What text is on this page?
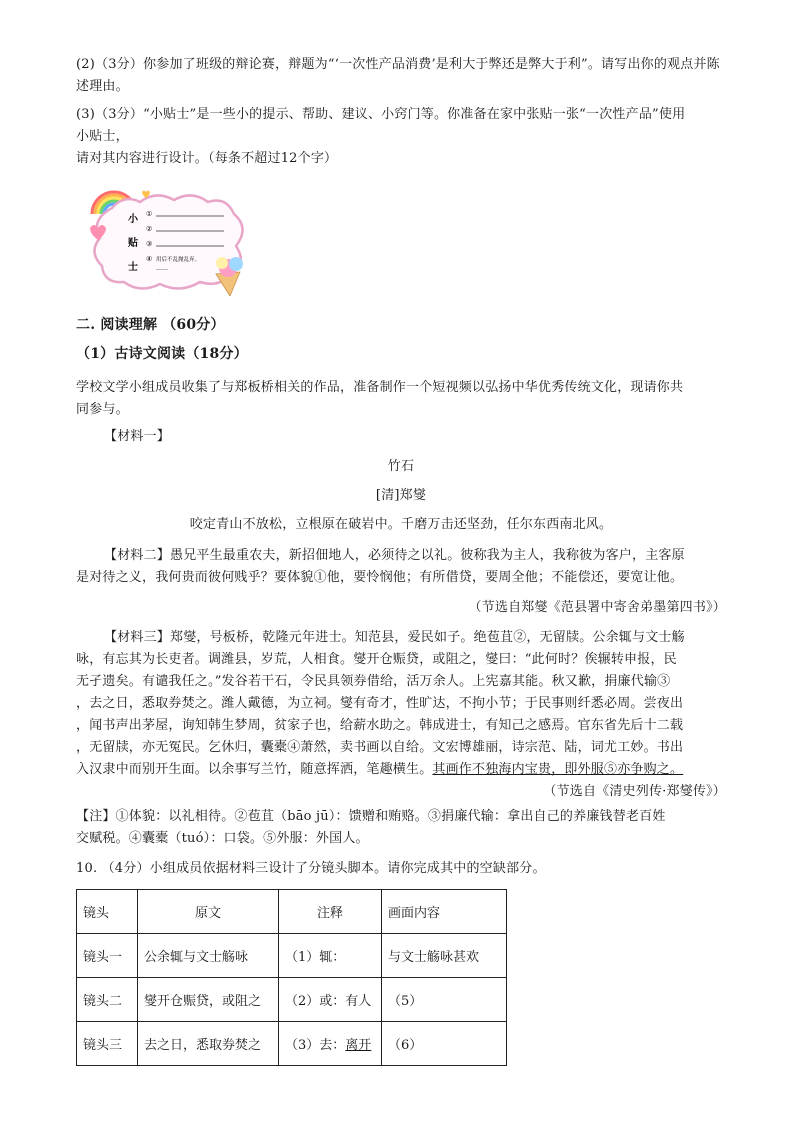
(2)（3分）你参加了班级的辩论赛，辩题为“‘一次性产品消费’是利大于弊还是弊大于利”。请写出你的观点并陈
述理由。
(3)（3分）“小贴士”是一些小的提示、帮助、建议、小窍门等。你准备在家中张贴一张“一次性产品”使用
小贴士，
请对其内容进行设计。（每条不超过12个字）
小
贴
士
①
②
③
④ 用后不乱抛乱弃。
……
二. 阅读理解 （60分）
（1）古诗文阅读（18分）
学校文学小组成员收集了与郑板桥相关的作品，准备制作一个短视频以弘扬中华优秀传统文化，现请你共
同参与。
【材料一】
竹石
[清]郑燮
咬定青山不放松，立根原在破岩中。千磨万击还坚劲，任尔东西南北风。
【材料二】愚兄平生最重农夫，新招佃地人，必须待之以礼。彼称我为主人，我称彼为客户，主客原
是对待之义，我何贵而彼何贱乎？要体貌①他，要怜悯他；有所借贷，要周全他；不能偿还，要宽让他。
（节选自郑燮《范县署中寄舍弟墨第四书》）
【材料三】郑燮，号板桥，乾隆元年进士。知范县，爱民如子。绝苞苴②，无留牍。公余辄与文士觞
咏，有忘其为长吏者。调潍县，岁荒，人相食。燮开仓赈贷，或阻之，燮曰：“此何时？俟辗转申报，民
无孑遗矣。有谴我任之。”发谷若干石，令民具领券借给，活万余人。上宪嘉其能。秋又歉，捐廉代输③
，去之日，悉取券焚之。潍人戴德，为立祠。燮有奇才，性旷达，不拘小节；于民事则纤悉必周。尝夜出
，闻书声出茅屋，询知韩生梦周，贫家子也，给薪水助之。韩成进士，有知己之感焉。官东省先后十二载
，无留牍，亦无冤民。乞休归，囊橐④萧然，卖书画以自给。文宏博雄丽，诗宗范、陆，词尤工妙。书出
入汉隶中而别开生面。以余事写兰竹，随意挥洒，笔趣横生。其画作不独海内宝贵，即外服⑤亦争购之。
（节选自《清史列传·郑燮传》）
【注】①体貌：以礼相待。②苞苴（bāo jū）：馈赠和贿赂。③捐廉代输：拿出自己的养廉钱替老百姓
交赋税。④囊橐（tuó）：口袋。⑤外服：外国人。
10. （4分）小组成员依据材料三设计了分镜头脚本。请你完成其中的空缺部分。
镜头	原文	注释	画面内容
镜头一	公余辄与文士觞咏	（1）辄：	与文士觞咏甚欢
镜头二	燮开仓赈贷，或阻之	（2）或：有人	（5）
镜头三	去之日，悉取券焚之	（3）去：离开	（6）
